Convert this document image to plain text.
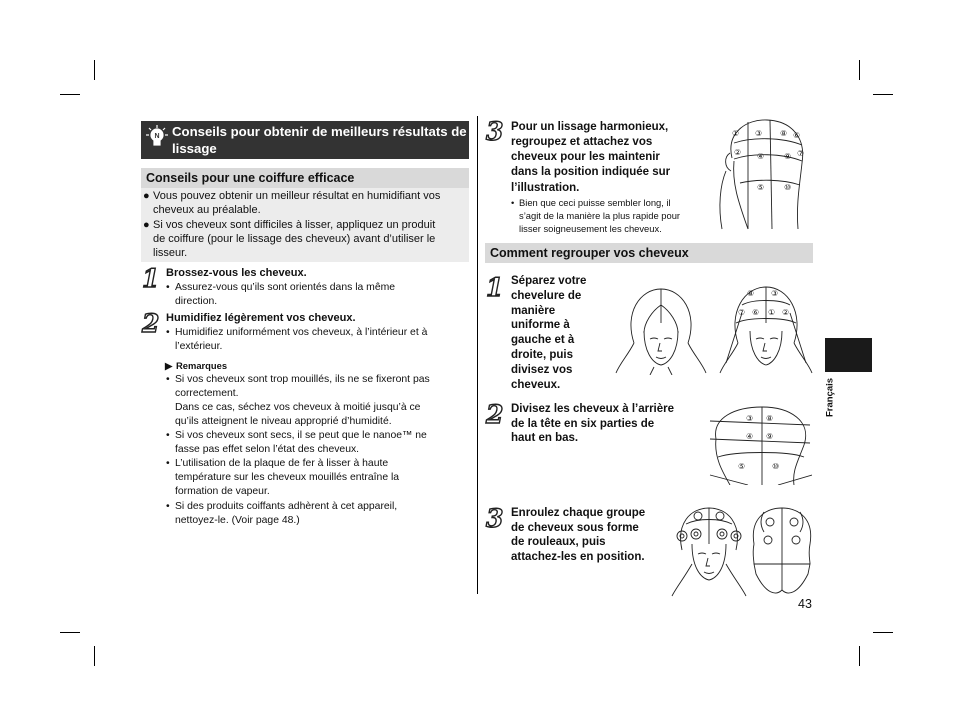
N Conseils pour obtenir de meilleurs résultats de lissage
Conseils pour une coiffure efficace
● Vous pouvez obtenir un meilleur résultat en humidifiant vos
cheveux au préalable.
● Si vos cheveux sont difficiles à lisser, appliquez un produit
de coiffure (pour le lissage des cheveux) avant d’utiliser le
lisseur.
1 Brossez-vous les cheveux.
• Assurez-vous qu’ils sont orientés dans la même
direction.
2 Humidifiez légèrement vos cheveux.
• Humidifiez uniformément vos cheveux, à l’intérieur et à
l’extérieur.
▶ Remarques
• Si vos cheveux sont trop mouillés, ils ne se fixeront pas
correctement.
Dans ce cas, séchez vos cheveux à moitié jusqu’à ce
qu’ils atteignent le niveau approprié d’humidité.
• Si vos cheveux sont secs, il se peut que le nanoe™ ne
fasse pas effet selon l’état des cheveux.
• L’utilisation de la plaque de fer à lisser à haute
température sur les cheveux mouillés entraîne la
formation de vapeur.
• Si des produits coiffants adhèrent à cet appareil,
nettoyez-le. (Voir page 48.)
3 Pour un lissage harmonieux,
regroupez et attachez vos
cheveux pour les maintenir
dans la position indiquée sur
l’illustration.
• Bien que ceci puisse sembler long, il
s’agit de la manière la plus rapide pour
lisser soigneusement les cheveux.
① ③ ⑧ ⑥
② ④ ⑨ ⑦
⑤ ⑩
Comment regrouper vos cheveux
1 Séparez votre
chevelure de
manière
uniforme à
gauche et à
droite, puis
divisez vos
cheveux.
⑧ ③
⑦ ⑥ ① ②
2 Divisez les cheveux à l’arrière
de la tête en six parties de
haut en bas.
③ ⑧
④ ⑨
⑤	⑩
3 Enroulez chaque groupe
de cheveux sous forme
de rouleaux, puis
attachez-les en position.
Français
43
